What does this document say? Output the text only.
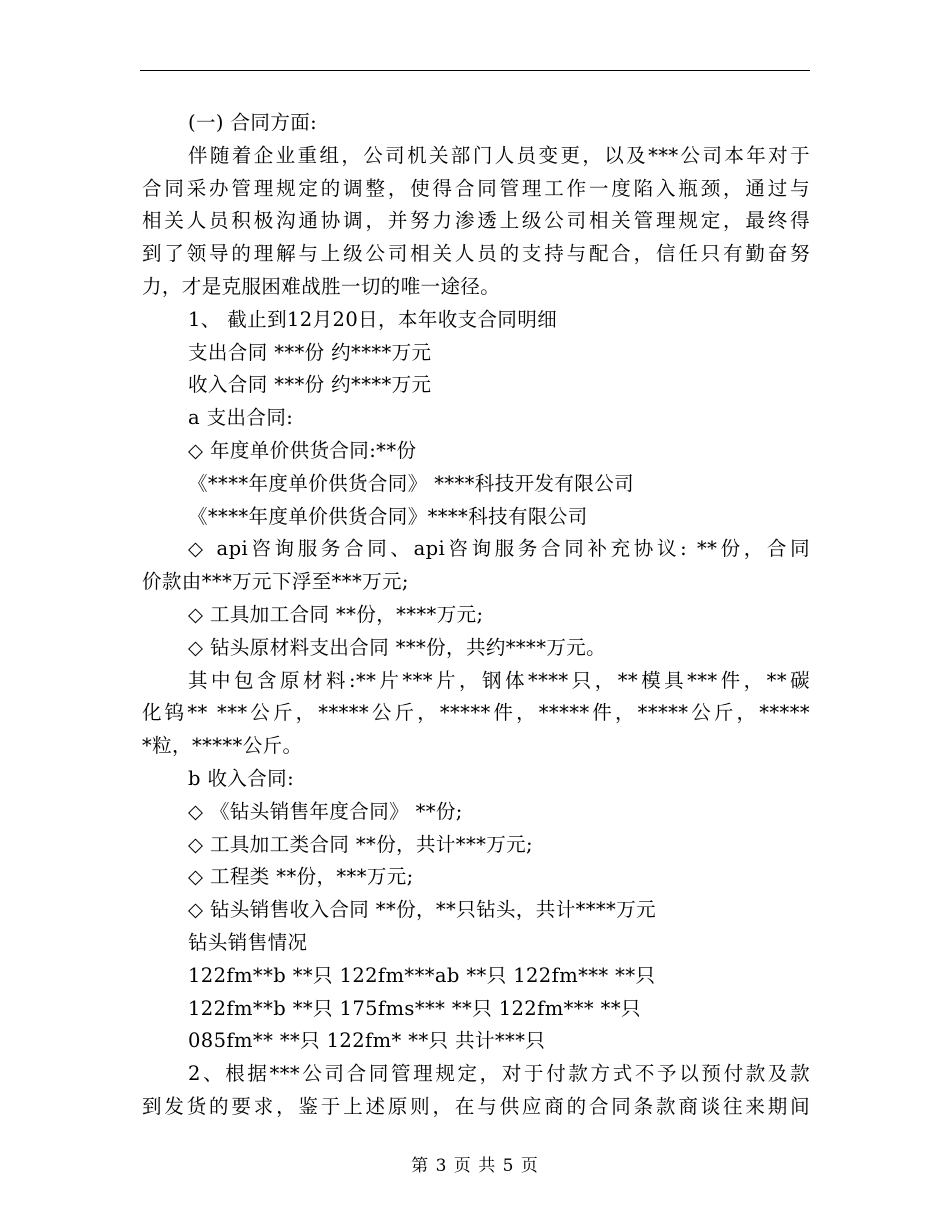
(一) 合同方面:
伴随着企业重组，公司机关部门人员变更，以及***公司本年对于
合同采办管理规定的调整，使得合同管理工作一度陷入瓶颈，通过与
相关人员积极沟通协调，并努力渗透上级公司相关管理规定，最终得
到了领导的理解与上级公司相关人员的支持与配合，信任只有勤奋努
力，才是克服困难战胜一切的唯一途径。
1、 截止到12月20日，本年收支合同明细
支出合同 ***份 约****万元
收入合同 ***份 约****万元
a 支出合同:
◇ 年度单价供货合同:**份
《****年度单价供货合同》 ****科技开发有限公司
《****年度单价供货合同》****科技有限公司
◇ api咨询服务合同、api咨询服务合同补充协议: **份，合同
价款由***万元下浮至***万元;
◇ 工具加工合同 **份，****万元;
◇ 钻头原材料支出合同 ***份，共约****万元。
其中包含原材料:**片***片，钢体****只，**模具***件，**碳
化钨** ***公斤，*****公斤，*****件，*****件，*****公斤，*****
*粒，*****公斤。
b 收入合同:
◇ 《钻头销售年度合同》 **份;
◇ 工具加工类合同 **份，共计***万元;
◇ 工程类 **份，***万元;
◇ 钻头销售收入合同 **份，**只钻头，共计****万元
钻头销售情况
122fm**b **只 122fm***ab **只 122fm*** **只
122fm**b **只 175fms*** **只 122fm*** **只
085fm** **只 122fm* **只 共计***只
2、根据***公司合同管理规定，对于付款方式不予以预付款及款
到发货的要求，鉴于上述原则，在与供应商的合同条款商谈往来期间
第 3 页 共 5 页
